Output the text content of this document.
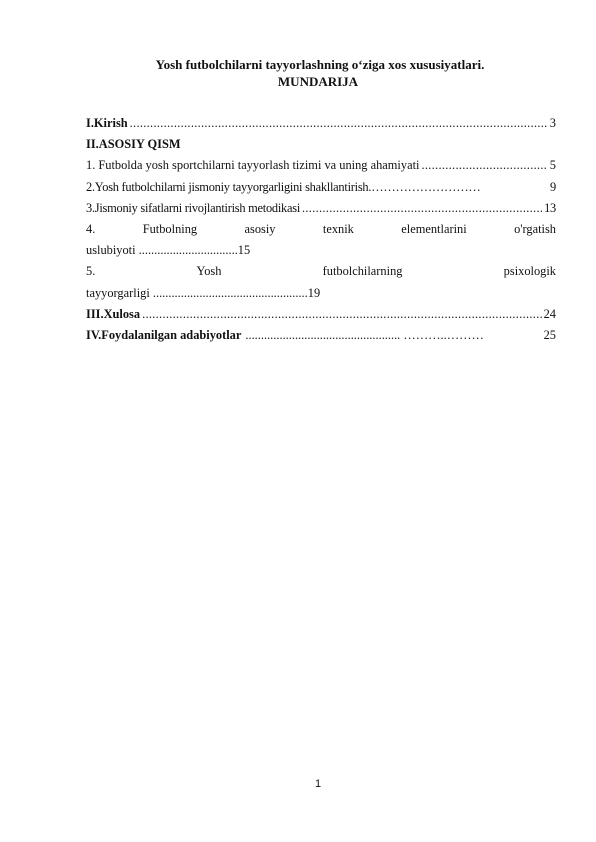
Yosh futbolchilarni tayyorlashning o‘ziga xos xususiyatlari.
MUNDARIJA
I.Kirish .....	3
II.ASOSIY QISM
1. Futbolda yosh sportchilarni tayyorlash tizimi va uning ahamiyati .....	5
2.Yosh futbolchilarni jismoniy tayyorgarligini shakllantirish. ………………………	9
3.Jismoniy sifatlarni rivojlantirish metodikasi .....	13
4.	Futbolning	asosiy	texnik	elementlarini	o'rgatish
uslubiyoti ................................15
5.	Yosh	futbolchilarning	psixologik
tayyorgarligi ..................................................19
III.Xulosa .....	24
IV.Foydalanilgan adabiyotlar .................................................. ………..………	25
1
